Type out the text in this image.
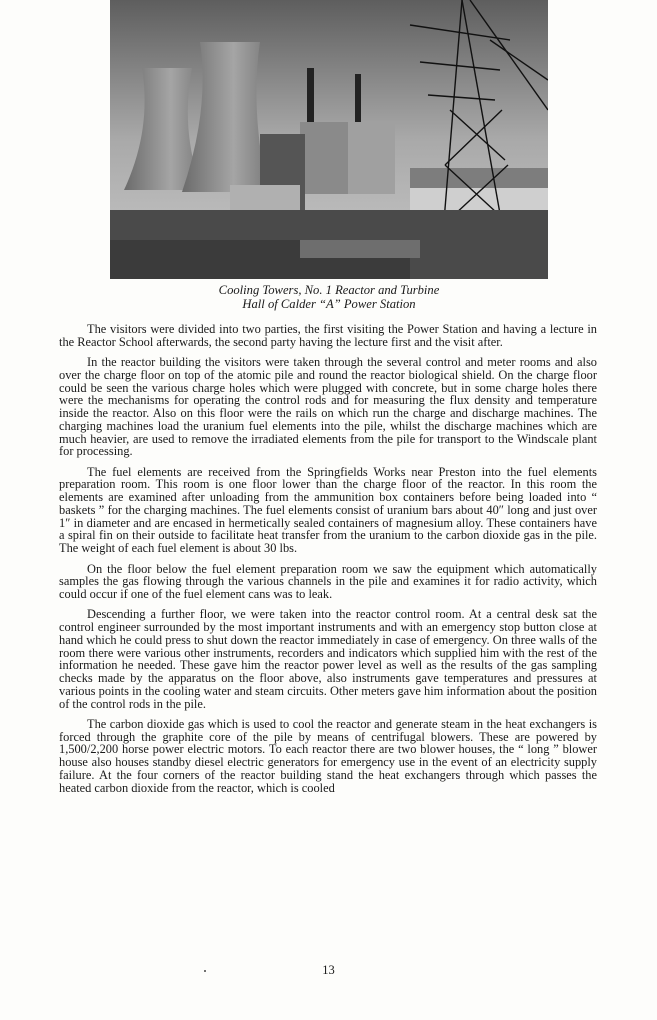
Cooling Towers, No. 1 Reactor and Turbine
Hall of Calder “A” Power Station

The visitors were divided into two parties, the first visiting the Power Station and having a lecture in the Reactor School afterwards, the second party having the lecture first and the visit after.

In the reactor building the visitors were taken through the several control and meter rooms and also over the charge floor on top of the atomic pile and round the reactor biological shield. On the charge floor could be seen the various charge holes which were plugged with concrete, but in some charge holes there were the mechanisms for operating the control rods and for measuring the flux density and temperature inside the reactor. Also on this floor were the rails on which run the charge and discharge machines. The charging machines load the uranium fuel elements into the pile, whilst the discharge machines which are much heavier, are used to remove the irradiated elements from the pile for transport to the Windscale plant for processing.

The fuel elements are received from the Springfields Works near Preston into the fuel elements preparation room. This room is one floor lower than the charge floor of the reactor. In this room the elements are examined after unloading from the ammunition box containers before being loaded into “ baskets ” for the charging machines. The fuel elements consist of uranium bars about 40″ long and just over 1″ in diameter and are encased in hermetically sealed containers of magnesium alloy. These containers have a spiral fin on their outside to facilitate heat transfer from the uranium to the carbon dioxide gas in the pile. The weight of each fuel element is about 30 lbs.

On the floor below the fuel element preparation room we saw the equipment which automatically samples the gas flowing through the various channels in the pile and examines it for radio activity, which could occur if one of the fuel element cans was to leak.

Descending a further floor, we were taken into the reactor control room. At a central desk sat the control engineer surrounded by the most important instruments and with an emergency stop button close at hand which he could press to shut down the reactor immediately in case of emergency. On three walls of the room there were various other instruments, recorders and indicators which supplied him with the rest of the information he needed. These gave him the reactor power level as well as the results of the gas sampling checks made by the apparatus on the floor above, also instruments gave temperatures and pressures at various points in the cooling water and steam circuits. Other meters gave him information about the position of the control rods in the pile.

The carbon dioxide gas which is used to cool the reactor and generate steam in the heat exchangers is forced through the graphite core of the pile by means of centrifugal blowers. These are powered by 1,500/2,200 horse power electric motors. To each reactor there are two blower houses, the “ long ” blower house also houses standby diesel electric generators for emergency use in the event of an electricity supply failure. At the four corners of the reactor building stand the heat exchangers through which passes the heated carbon dioxide from the reactor, which is cooled

13
